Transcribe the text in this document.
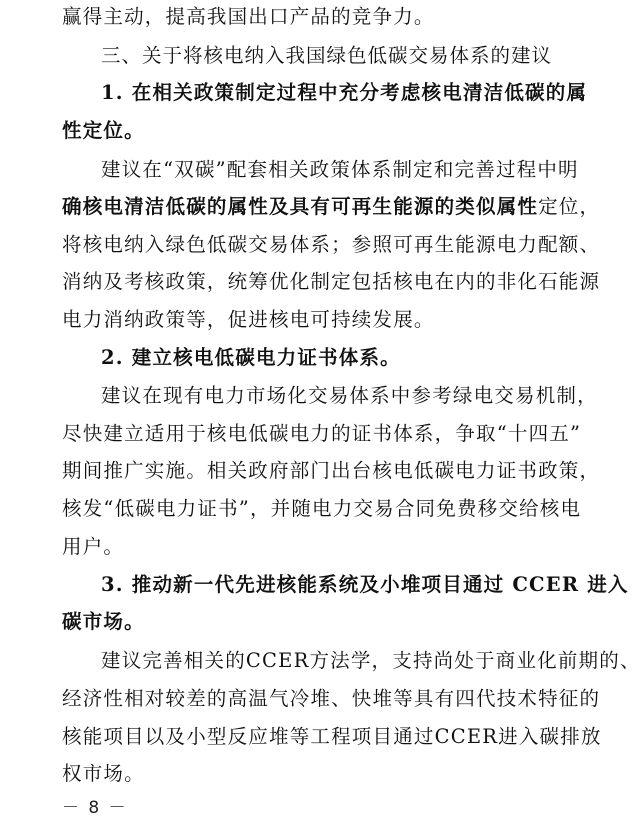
赢得主动，提高我国出口产品的竞争力。
三、关于将核电纳入我国绿色低碳交易体系的建议
1. 在相关政策制定过程中充分考虑核电清洁低碳的属
性定位。
建议在“双碳”配套相关政策体系制定和完善过程中明
确核电清洁低碳的属性及具有可再生能源的类似属性定位，
将核电纳入绿色低碳交易体系；参照可再生能源电力配额、
消纳及考核政策，统筹优化制定包括核电在内的非化石能源
电力消纳政策等，促进核电可持续发展。
2. 建立核电低碳电力证书体系。
建议在现有电力市场化交易体系中参考绿电交易机制，
尽快建立适用于核电低碳电力的证书体系，争取“十四五”
期间推广实施。相关政府部门出台核电低碳电力证书政策，
核发“低碳电力证书”，并随电力交易合同免费移交给核电
用户。
3. 推动新一代先进核能系统及小堆项目通过 CCER 进入
碳市场。
建议完善相关的CCER方法学，支持尚处于商业化前期的、
经济性相对较差的高温气冷堆、快堆等具有四代技术特征的
核能项目以及小型反应堆等工程项目通过CCER进入碳排放
权市场。
－ 8 －
